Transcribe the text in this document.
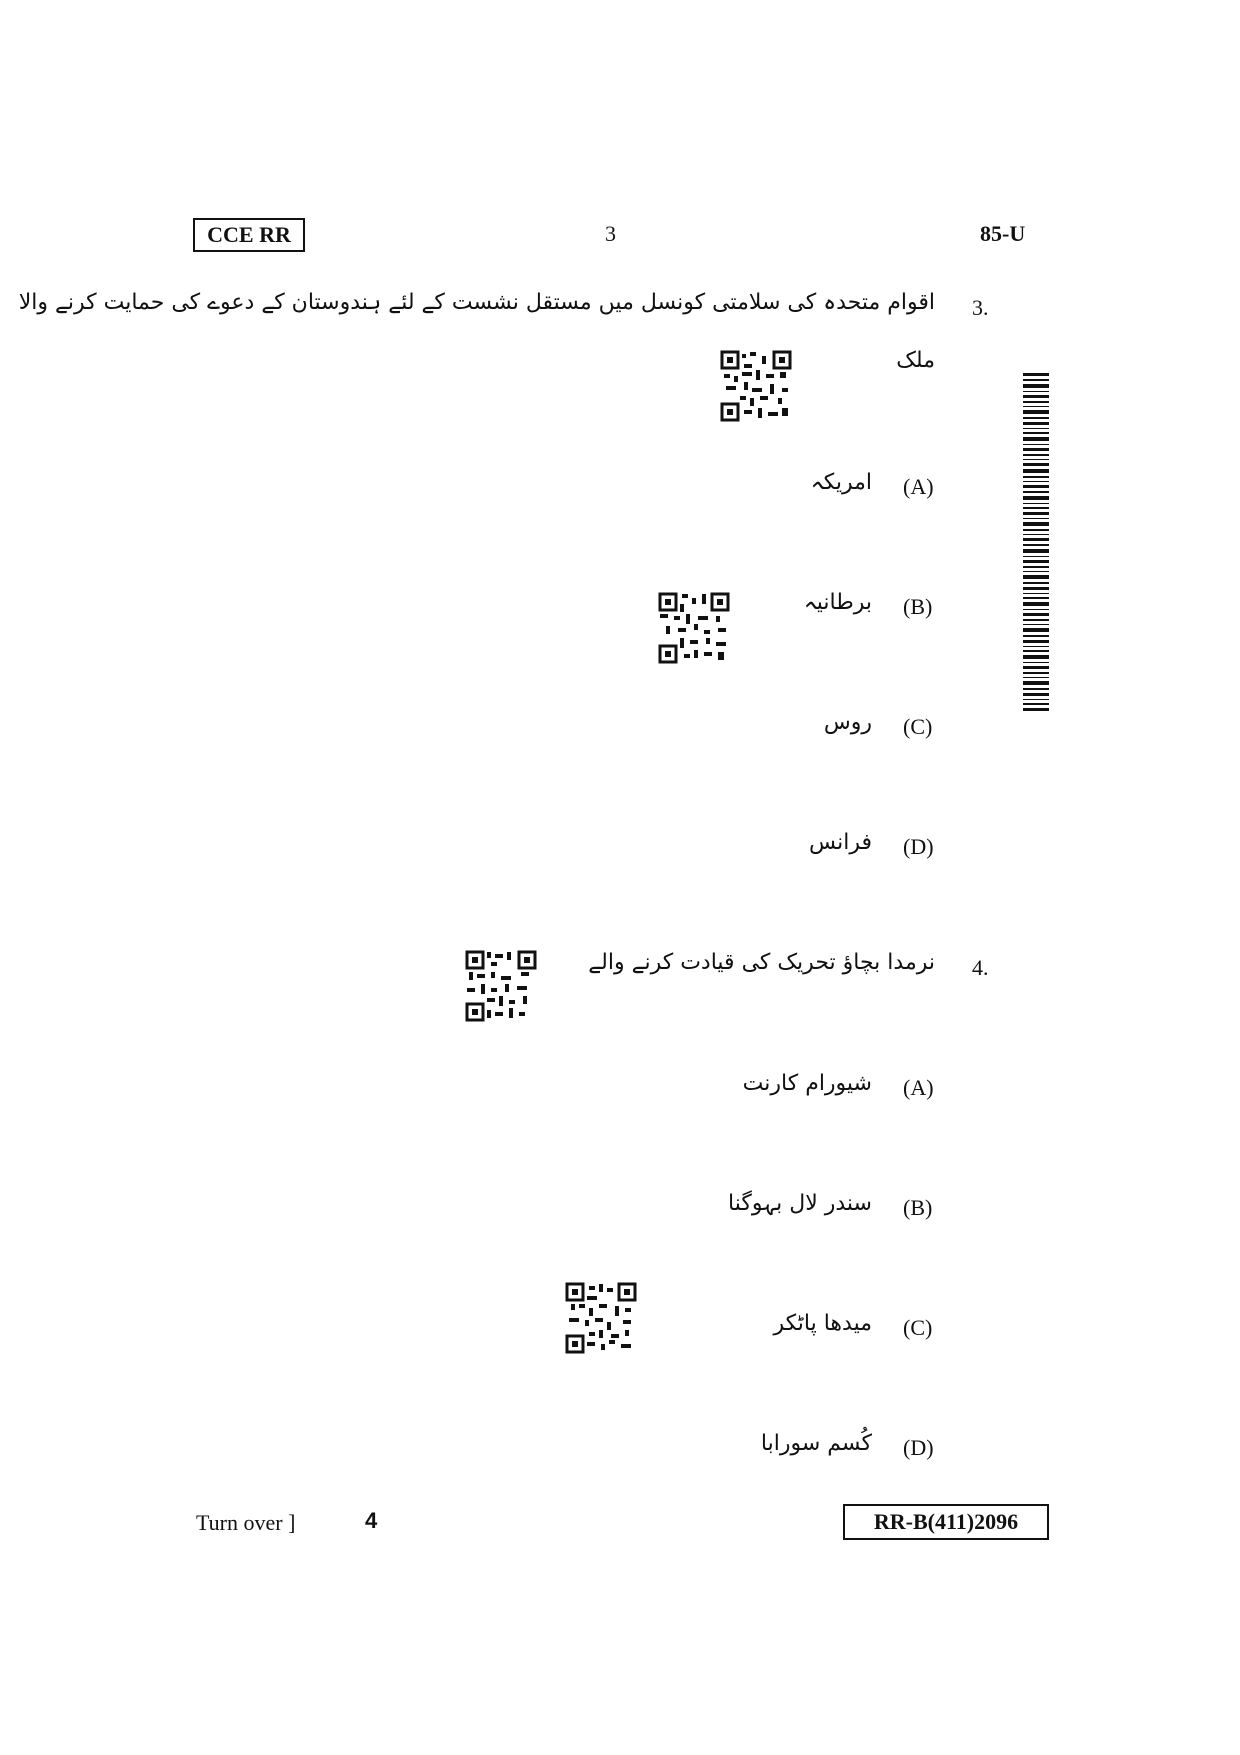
CCE RR	3	85-U
3.
اقوام متحدہ کی سلامتی کونسل میں مستقل نشست کے لئے ہندوستان کے دعوے کی حمایت کرنے والا
ملک
(A)
امریکہ
(B)
برطانیہ
(C)
روس
(D)
فرانس
4.
نرمدا بچاؤ تحریک کی قیادت کرنے والے
(A)
شیورام کارنت
(B)
سندر لال بہوگنا
(C)
میدھا پاٹکر
(D)
کُسم سورابا
Turn over ]	4	RR-B(411)2096
